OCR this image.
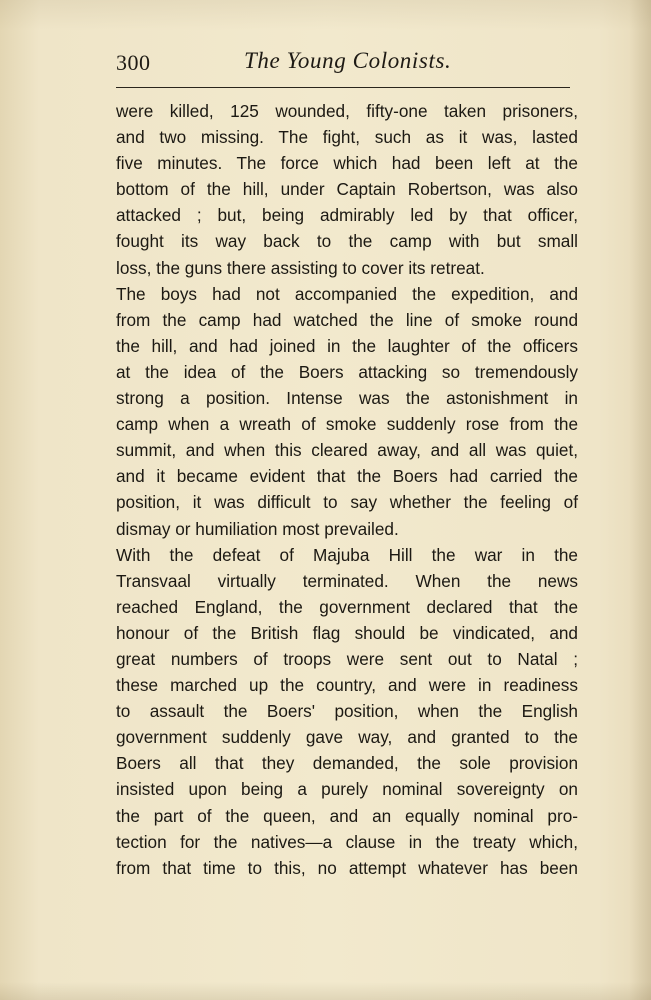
300	The Young Colonists.
were killed, 125 wounded, fifty-one taken prisoners,
and two missing. The fight, such as it was, lasted
five minutes. The force which had been left at the
bottom of the hill, under Captain Robertson, was also
attacked ; but, being admirably led by that officer,
fought its way back to the camp with but small
loss, the guns there assisting to cover its retreat.
The boys had not accompanied the expedition, and
from the camp had watched the line of smoke round
the hill, and had joined in the laughter of the officers
at the idea of the Boers attacking so tremendously
strong a position. Intense was the astonishment in
camp when a wreath of smoke suddenly rose from the
summit, and when this cleared away, and all was quiet,
and it became evident that the Boers had carried the
position, it was difficult to say whether the feeling of
dismay or humiliation most prevailed.
With the defeat of Majuba Hill the war in the
Transvaal virtually terminated. When the news
reached England, the government declared that the
honour of the British flag should be vindicated, and
great numbers of troops were sent out to Natal ;
these marched up the country, and were in readiness
to assault the Boers' position, when the English
government suddenly gave way, and granted to the
Boers all that they demanded, the sole provision
insisted upon being a purely nominal sovereignty on
the part of the queen, and an equally nominal pro-
tection for the natives—a clause in the treaty which,
from that time to this, no attempt whatever has been
